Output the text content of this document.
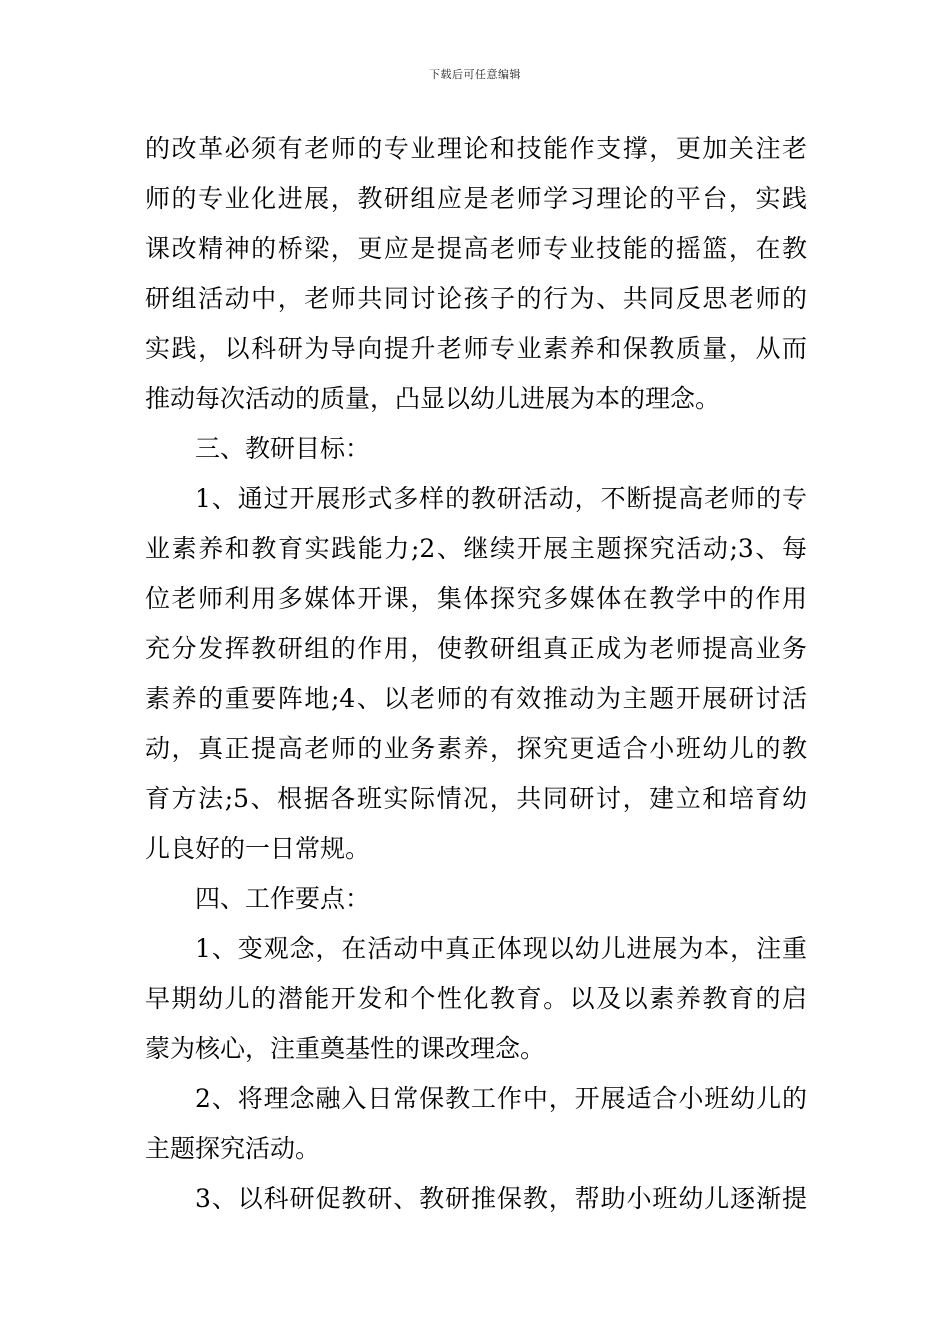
下载后可任意编辑
的改革必须有老师的专业理论和技能作支撑，更加关注老
师的专业化进展，教研组应是老师学习理论的平台，实践
课改精神的桥梁，更应是提高老师专业技能的摇篮，在教
研组活动中，老师共同讨论孩子的行为、共同反思老师的
实践，以科研为导向提升老师专业素养和保教质量，从而
推动每次活动的质量，凸显以幼儿进展为本的理念。
三、教研目标：
1、通过开展形式多样的教研活动，不断提高老师的专
业素养和教育实践能力;2、继续开展主题探究活动;3、每
位老师利用多媒体开课，集体探究多媒体在教学中的作用
充分发挥教研组的作用，使教研组真正成为老师提高业务
素养的重要阵地;4、以老师的有效推动为主题开展研讨活
动，真正提高老师的业务素养，探究更适合小班幼儿的教
育方法;5、根据各班实际情况，共同研讨，建立和培育幼
儿良好的一日常规。
四、工作要点：
1、变观念，在活动中真正体现以幼儿进展为本，注重
早期幼儿的潜能开发和个性化教育。以及以素养教育的启
蒙为核心，注重奠基性的课改理念。
2、将理念融入日常保教工作中，开展适合小班幼儿的
主题探究活动。
3、以科研促教研、教研推保教，帮助小班幼儿逐渐提
